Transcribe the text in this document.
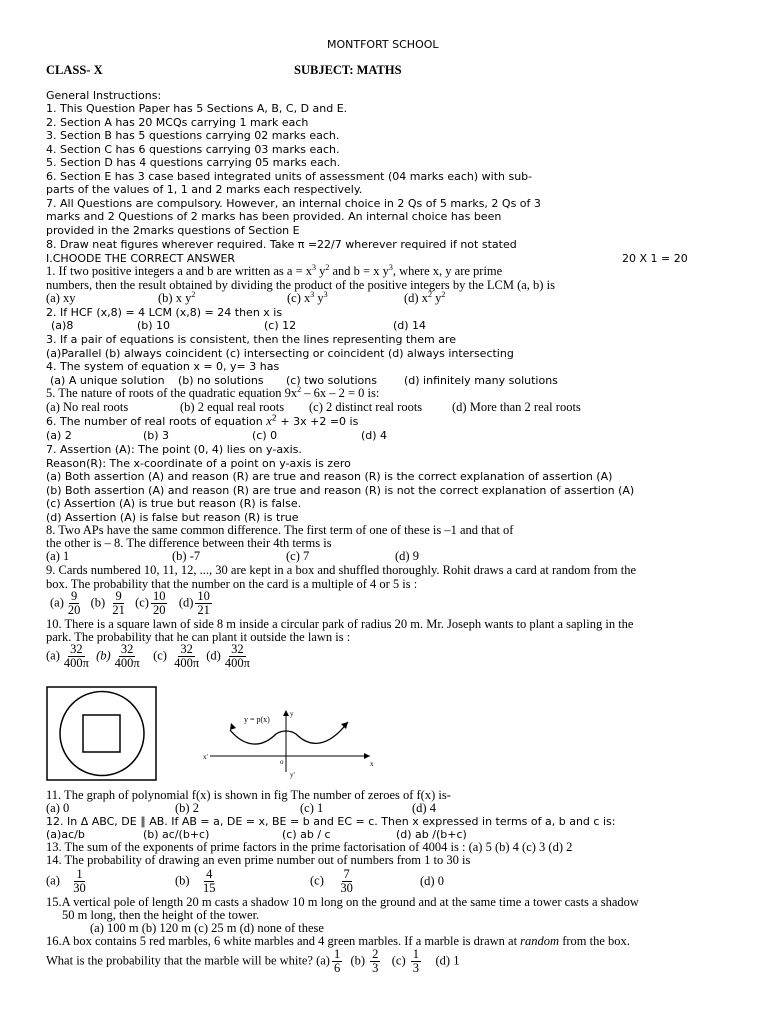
MONTFORT SCHOOL
CLASS- X	SUBJECT: MATHS
General Instructions:
1. This Question Paper has 5 Sections A, B, C, D and E.
2. Section A has 20 MCQs carrying 1 mark each
3. Section B has 5 questions carrying 02 marks each.
4. Section C has 6 questions carrying 03 marks each.
5. Section D has 4 questions carrying 05 marks each.
6. Section E has 3 case based integrated units of assessment (04 marks each) with sub-
parts of the values of 1, 1 and 2 marks each respectively.
7. All Questions are compulsory. However, an internal choice in 2 Qs of 5 marks, 2 Qs of 3
marks and 2 Questions of 2 marks has been provided. An internal choice has been
provided in the 2marks questions of Section E
8. Draw neat figures wherever required. Take π =22/7 wherever required if not stated
I.CHOODE THE CORRECT ANSWER	20 X 1 = 20
1. If two positive integers a and b are written as $a = x^3$ $y^2$ and b = x $y^3$, where x, y are prime
numbers, then the result obtained by dividing the product of the positive integers by the LCM (a, b) is
(a) xy	(b) x $y^2$	(c) $x^3$ $y^3$	(d) $x^2$ $y^2$
2. If HCF (x,8) = 4 LCM (x,8) = 24 then x is
(a)8	(b) 10	(c) 12	(d) 14
3. If a pair of equations is consistent, then the lines representing them are
(a)Parallel (b) always coincident (c) intersecting or coincident (d) always intersecting
4. The system of equation x = 0, y= 3 has
(a) A unique solution (b) no solutions (c) two solutions (d) infinitely many solutions
5. The nature of roots of the quadratic equation $9x^2 - 6x - 2 = 0$ is:
(a) No real roots	(b) 2 equal real roots (c) 2 distinct real roots (d) More than 2 real roots
6. The number of real roots of equation $x^2 + 3x +2 =0$ is
(a) 2	(b) 3	(c) 0	(d) 4
7. Assertion (A): The point (0, 4) lies on y-axis.
Reason(R): The x-coordinate of a point on y-axis is zero
(a) Both assertion (A) and reason (R) are true and reason (R) is the correct explanation of assertion (A)
(b) Both assertion (A) and reason (R) are true and reason (R) is not the correct explanation of assertion (A)
(c) Assertion (A) is true but reason (R) is false.
(d) Assertion (A) is false but reason (R) is true
8. Two APs have the same common difference. The first term of one of these is –1 and that of
the other is – 8. The difference between their 4th terms is
(a) 1	(b) -7	(c) 7	(d) 9
9. Cards numbered 10, 11, 12, ..., 30 are kept in a box and shuffled thoroughly. Rohit draws a card at random from the
box. The probability that the number on the card is a multiple of 4 or 5 is :
$(a) \frac{9}{20} (b) \frac{9}{21} (c) \frac{10}{20} (d) \frac{10}{21}$
10. There is a square lawn of side 8 m inside a circular park of radius 20 m. Mr. Joseph wants to plant a sapling in the
park. The probability that he can plant it outside the lawn is :
$(a) \frac{32}{400\pi} (b) \frac{32}{400\pi} (c) \frac{32}{400\pi} (d) \frac{32}{400\pi}$
y = p(x)
y
y'
x
x'
o
11. The graph of polynomial f(x) is shown in fig The number of zeroes of f(x) is-
(a) 0	(b) 2	(c) 1	(d) 4
12. In Δ ABC, DE ∥ AB. If AB = a, DE = x, BE = b and EC = c. Then x expressed in terms of a, b and c is:
(a)ac/b	(b) ac/(b+c)	(c) ab / c	(d) ab /(b+c)
13. The sum of the exponents of prime factors in the prime factorisation of 4004 is : (a) 5 (b) 4 (c) 3 (d) 2
14. The probability of drawing an even prime number out of numbers from 1 to 30 is
$(a) \frac{1}{30}$	$(b) \frac{4}{15}$	$(c) \frac{7}{30}$	(d) 0
15.A vertical pole of length 20 m casts a shadow 10 m long on the ground and at the same time a tower casts a shadow
50 m long, then the height of the tower.
(a) 100 m (b) 120 m (c) 25 m (d) none of these
16.A box contains 5 red marbles, 6 white marbles and 4 green marbles. If a marble is drawn at random from the box.
What is the probability that the marble will be white? $(a) \frac{1}{6} (b) \frac{2}{3} (c) \frac{1}{3} (d)$ 1
